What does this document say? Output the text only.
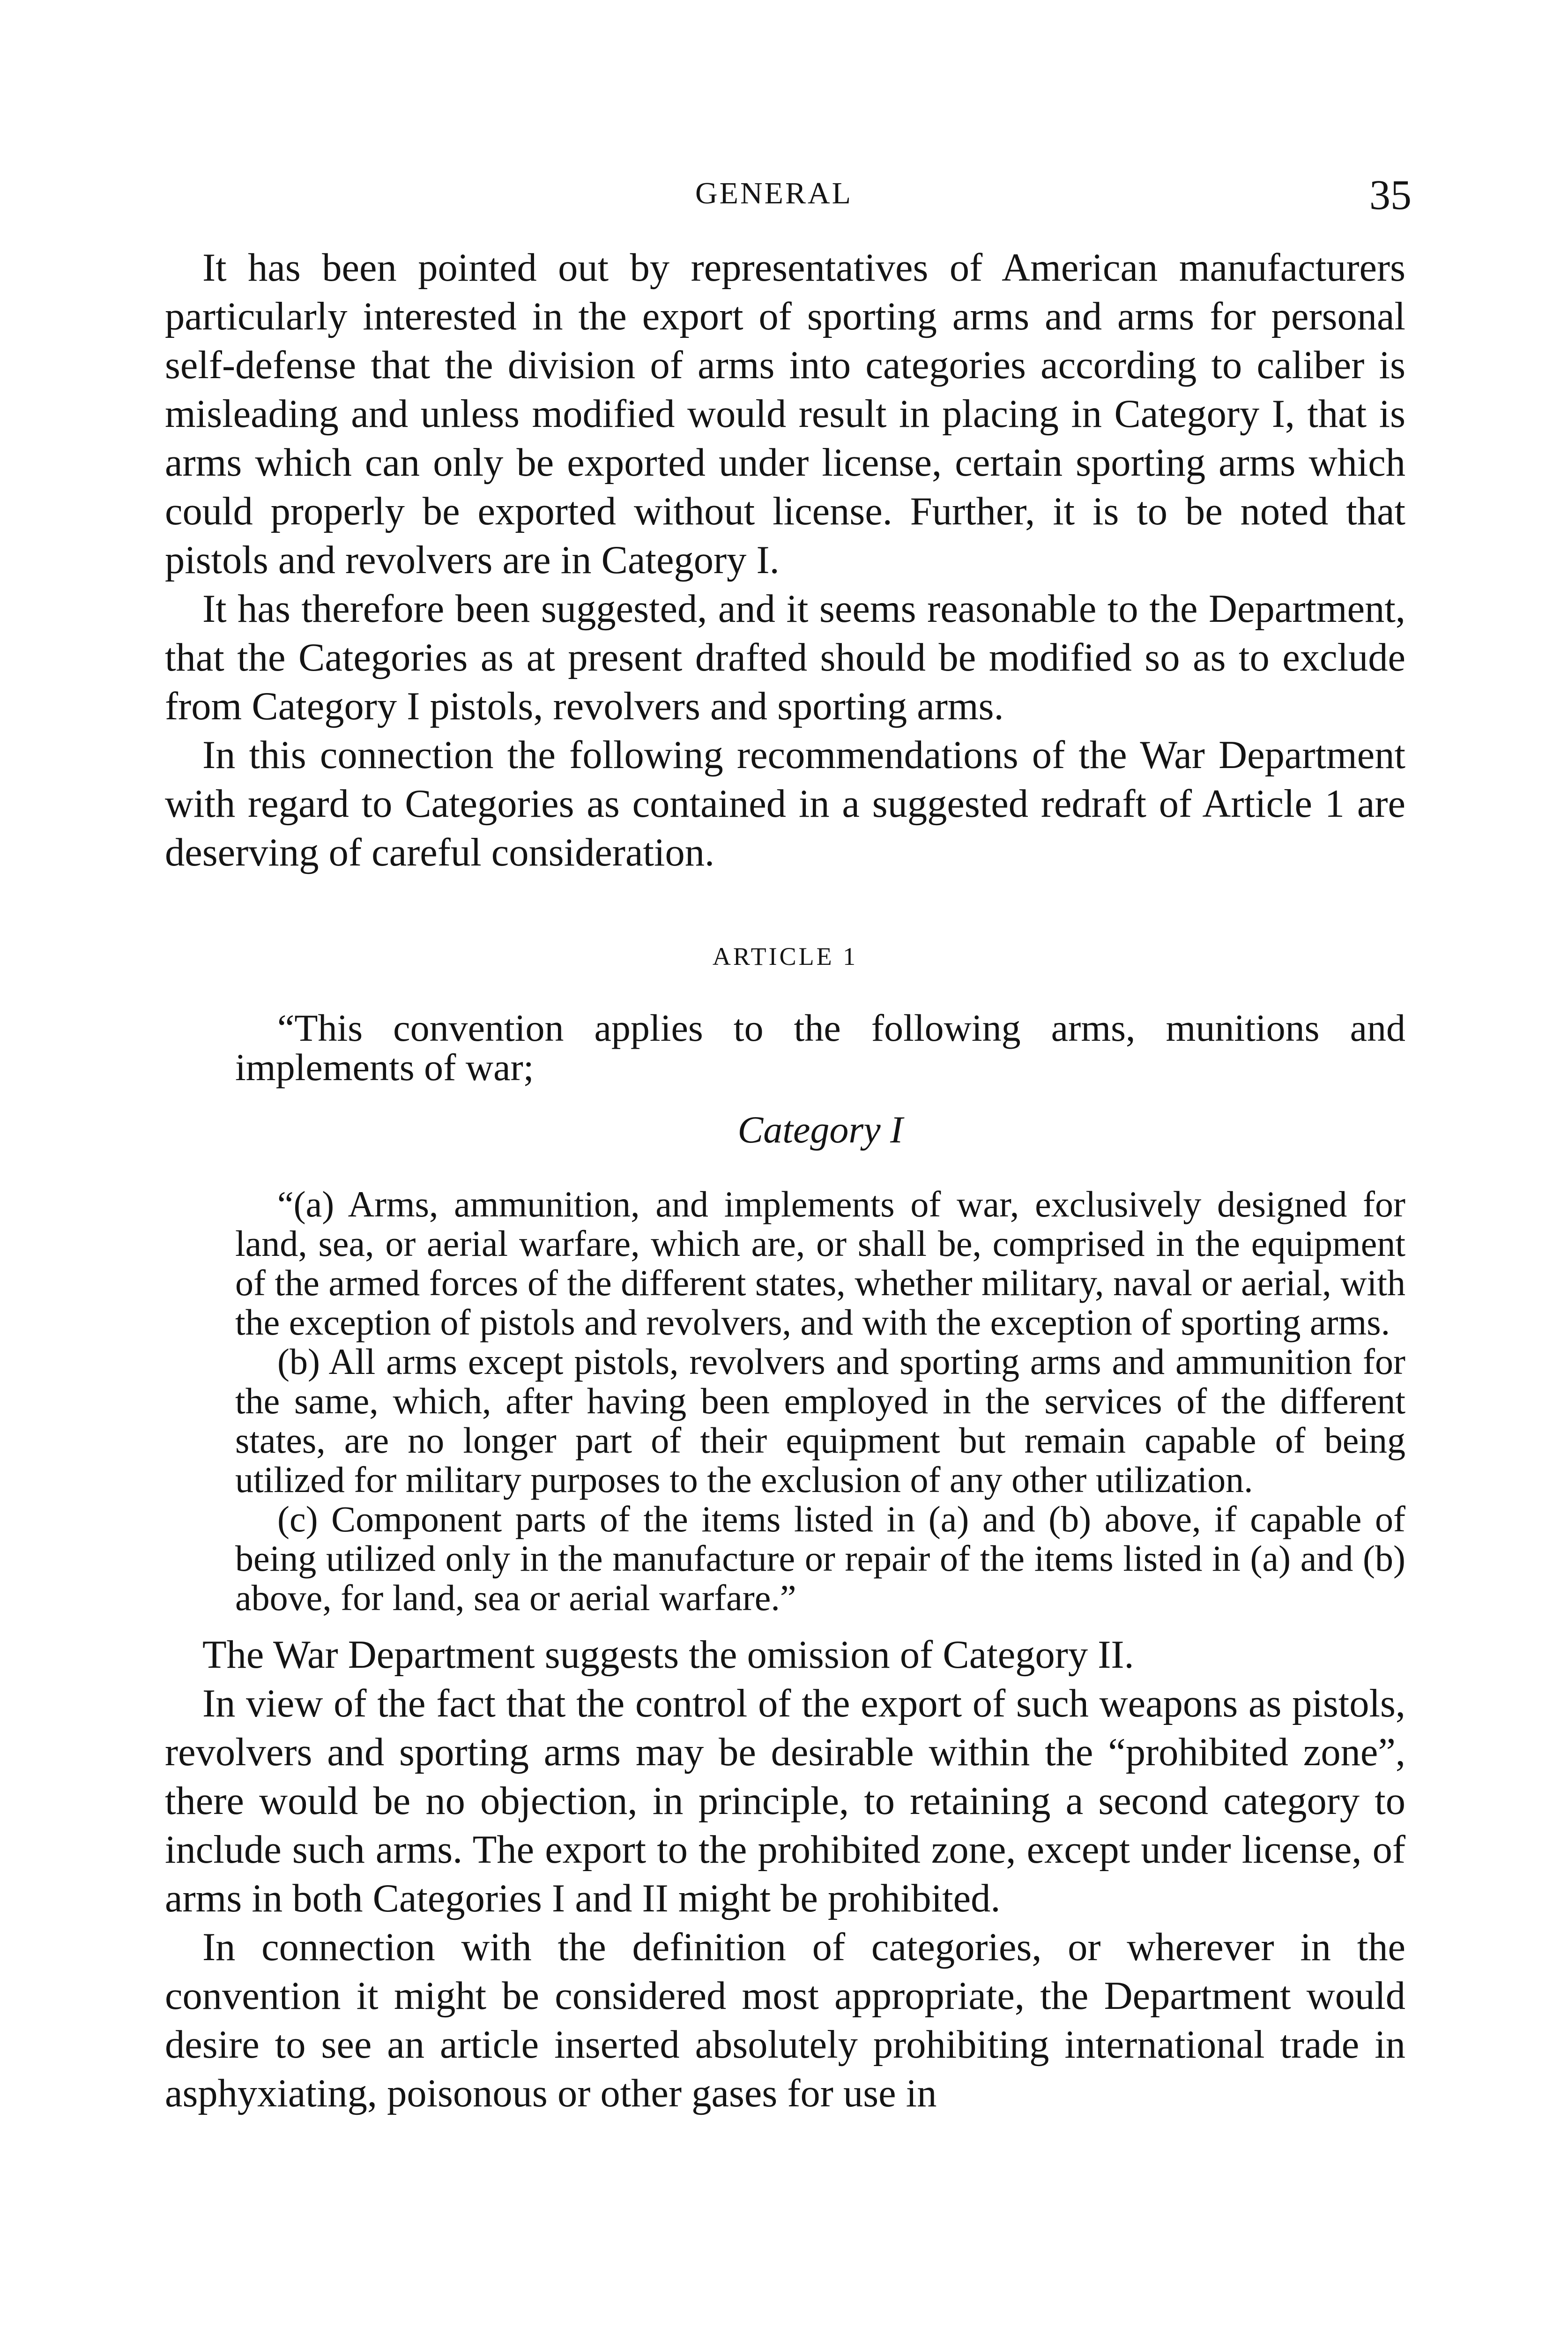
GENERAL	35

It has been pointed out by representatives of American manufacturers particularly interested in the export of sporting arms and arms for personal self-defense that the division of arms into categories according to caliber is misleading and unless modified would result in placing in Category I, that is arms which can only be exported under license, certain sporting arms which could properly be exported without license. Further, it is to be noted that pistols and revolvers are in Category I.

It has therefore been suggested, and it seems reasonable to the Department, that the Categories as at present drafted should be modified so as to exclude from Category I pistols, revolvers and sporting arms.

In this connection the following recommendations of the War Department with regard to Categories as contained in a suggested redraft of Article 1 are deserving of careful consideration.

ARTICLE 1

“This convention applies to the following arms, munitions and implements of war;

Category I

“(a) Arms, ammunition, and implements of war, exclusively designed for land, sea, or aerial warfare, which are, or shall be, comprised in the equipment of the armed forces of the different states, whether military, naval or aerial, with the exception of pistols and revolvers, and with the exception of sporting arms.

(b) All arms except pistols, revolvers and sporting arms and ammunition for the same, which, after having been employed in the services of the different states, are no longer part of their equipment but remain capable of being utilized for military purposes to the exclusion of any other utilization.

(c) Component parts of the items listed in (a) and (b) above, if capable of being utilized only in the manufacture or repair of the items listed in (a) and (b) above, for land, sea or aerial warfare.”

The War Department suggests the omission of Category II.

In view of the fact that the control of the export of such weapons as pistols, revolvers and sporting arms may be desirable within the “prohibited zone”, there would be no objection, in principle, to retaining a second category to include such arms. The export to the prohibited zone, except under license, of arms in both Categories I and II might be prohibited.

In connection with the definition of categories, or wherever in the convention it might be considered most appropriate, the Department would desire to see an article inserted absolutely prohibiting international trade in asphyxiating, poisonous or other gases for use in
